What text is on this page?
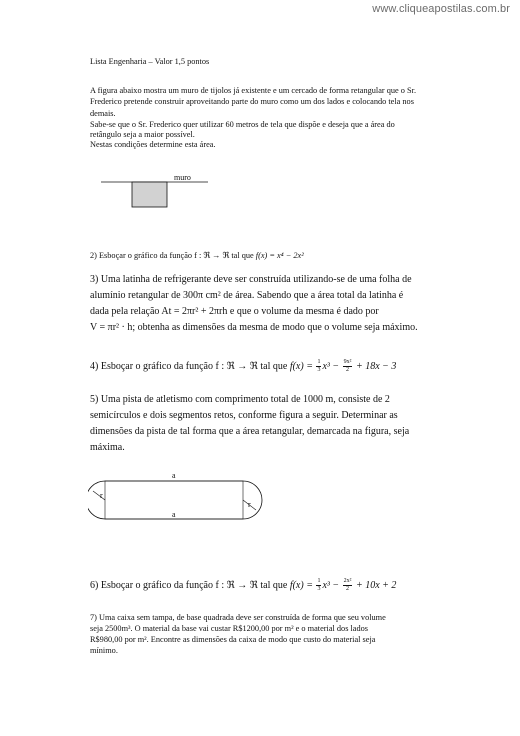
www.cliqueapostilas.com.br
Lista Engenharia – Valor 1,5 pontos

A figura abaixo mostra um muro de tijolos já existente e um cercado de forma retangular que o Sr.

Frederico pretende construir aproveitando parte do muro como um dos lados e colocando tela nos

demais.

Sabe-se que o Sr. Frederico quer utilizar 60 metros de tela que dispõe e deseja que a área do

retângulo seja a maior possível.

Nestas condições determine esta área.

muro
2) Esboçar o gráfico da função f : ℜ → ℜ tal que f(x) = x⁴ − 2x²

3) Uma latinha de refrigerante deve ser construída utilizando-se de uma folha de

alumínio retangular de 300π cm² de área. Sabendo que a área total da latinha é

dada pela relação At = 2πr² + 2πrh e que o volume da mesma é dado por

V = πr² · h; obtenha as dimensões da mesma de modo que o volume seja máximo.

4) Esboçar o gráfico da função f : ℜ → ℜ tal que $f(x) = \frac{1}{3} x^3 - \frac{\text{9x²}}{2} + 18x - 3$

5) Uma pista de atletismo com comprimento total de 1000 m, consiste de 2

semicírculos e dois segmentos retos, conforme figura a seguir. Determinar as

dimensões da pista de tal forma que a área retangular, demarcada na figura, seja

máxima.

a
a
r
r
6) Esboçar o gráfico da função f : ℜ → ℜ tal que $f(x) = \frac{1}{3} x^3 - \frac{\text{2x²}}{2} + 10x + 2$

7) Uma caixa sem tampa, de base quadrada deve ser construída de forma que seu volume

seja 2500m³. O material da base vai custar R$1200,00 por m² e o material dos lados

R$980,00 por m². Encontre as dimensões da caixa de modo que custo do material seja

mínimo.
